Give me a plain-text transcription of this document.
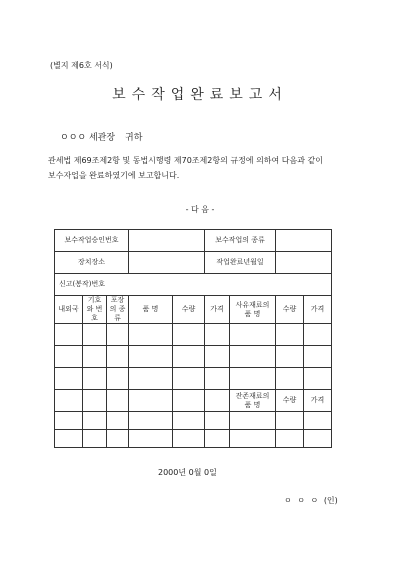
(별지 제6호 서식)
보수작업완료보고서
ㅇㅇㅇ 세관장 귀하

관세법 제69조제2항 및 동법시행령 제70조제2항의 규정에 의하여 다음과 같이

보수자업을 완료하였기에 보고합니다.

- 다 음 -
보수작업승인번호					보수작업의 종류			
장치장소					작업완료년월일			
신고(봉작)번호								
내외국	기호와 번 호	포장의 종 류	품 명	수량	가격	사유재료의 품 명	수량	가격

						잔존재료의 품 명	수량	가격

2000년 0월 0일
ㅇ ㅇ ㅇ (인)
